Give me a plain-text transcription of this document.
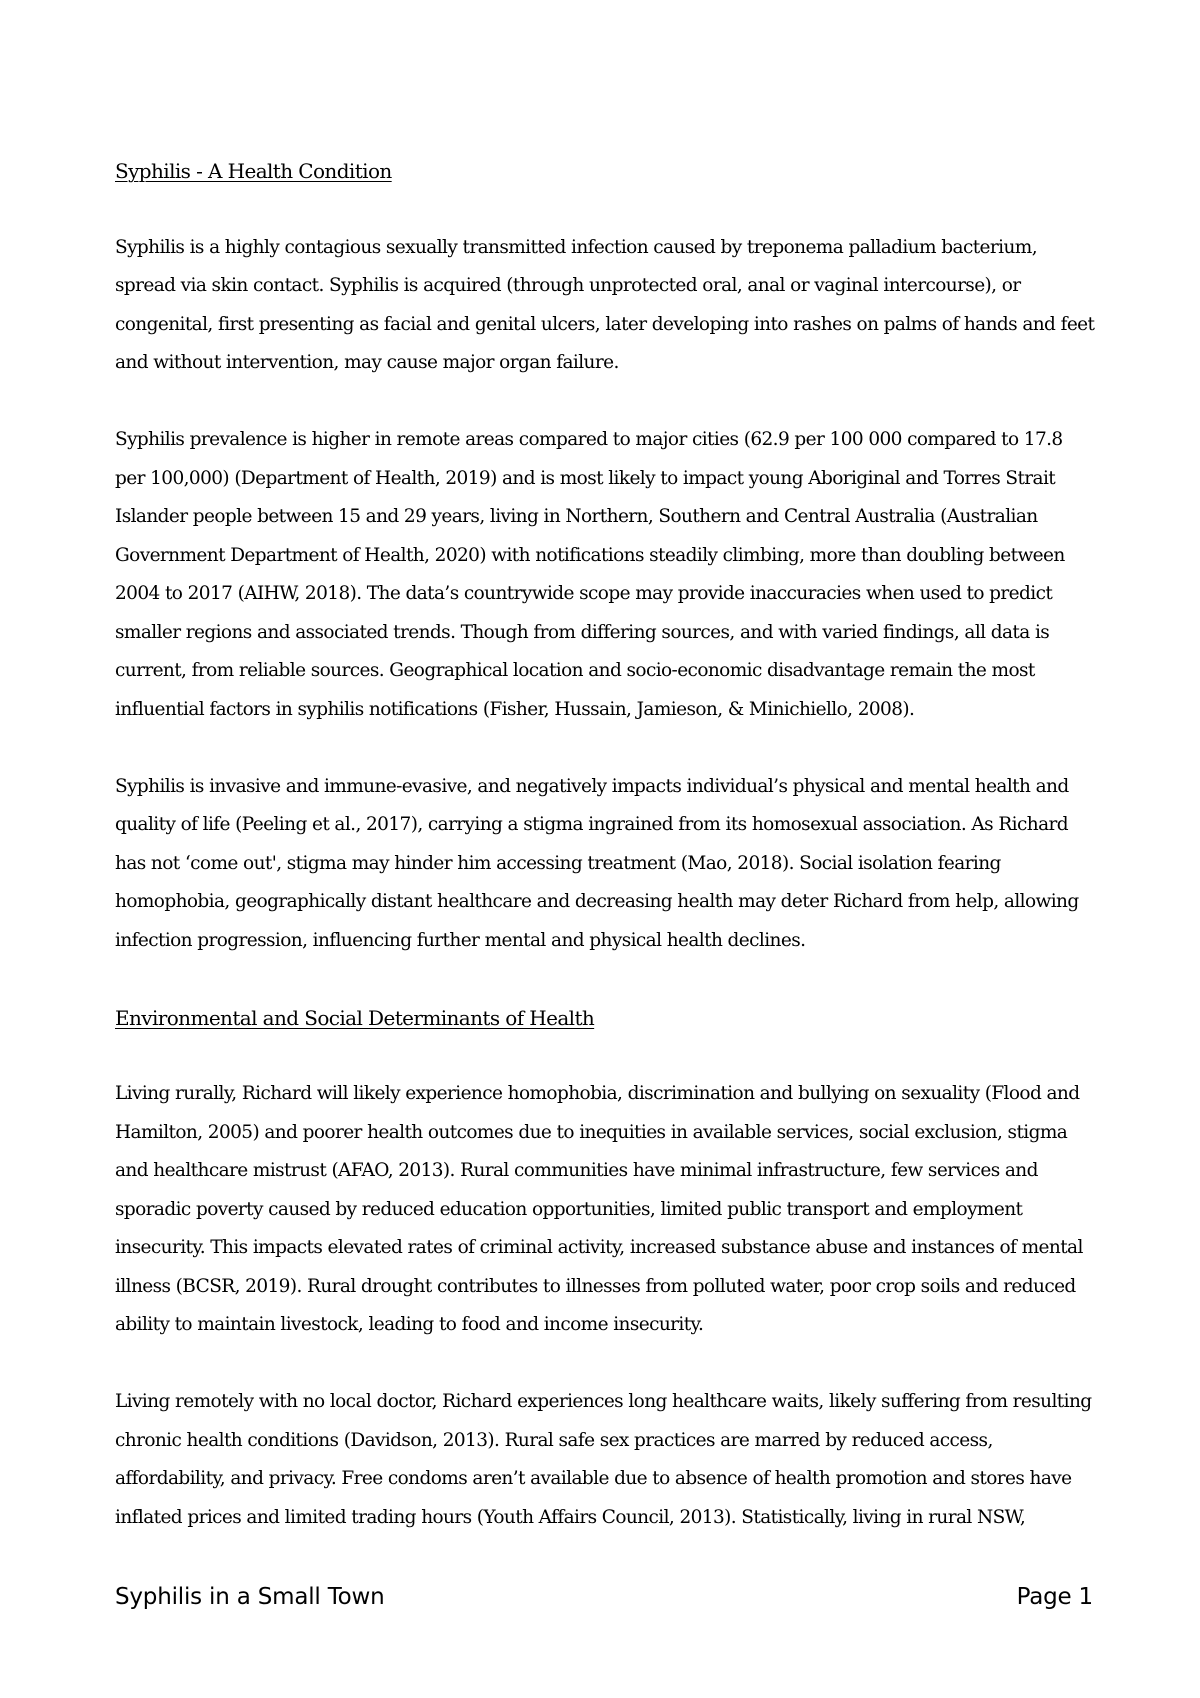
Syphilis - A Health Condition

Syphilis is a highly contagious sexually transmitted infection caused by treponema palladium bacterium, spread via skin contact. Syphilis is acquired (through unprotected oral, anal or vaginal intercourse), or congenital, first presenting as facial and genital ulcers, later developing into rashes on palms of hands and feet and without intervention, may cause major organ failure.

Syphilis prevalence is higher in remote areas compared to major cities (62.9 per 100 000 compared to 17.8 per 100,000) (Department of Health, 2019) and is most likely to impact young Aboriginal and Torres Strait Islander people between 15 and 29 years, living in Northern, Southern and Central Australia (Australian Government Department of Health, 2020) with notifications steadily climbing, more than doubling between 2004 to 2017 (AIHW, 2018). The data’s countrywide scope may provide inaccuracies when used to predict smaller regions and associated trends. Though from differing sources, and with varied findings, all data is current, from reliable sources. Geographical location and socio-economic disadvantage remain the most influential factors in syphilis notifications (Fisher, Hussain, Jamieson, & Minichiello, 2008).

Syphilis is invasive and immune-evasive, and negatively impacts individual’s physical and mental health and quality of life (Peeling et al., 2017), carrying a stigma ingrained from its homosexual association. As Richard has not ‘come out', stigma may hinder him accessing treatment (Mao, 2018). Social isolation fearing homophobia, geographically distant healthcare and decreasing health may deter Richard from help, allowing infection progression, influencing further mental and physical health declines.

Environmental and Social Determinants of Health

Living rurally, Richard will likely experience homophobia, discrimination and bullying on sexuality (Flood and Hamilton, 2005) and poorer health outcomes due to inequities in available services, social exclusion, stigma and healthcare mistrust (AFAO, 2013). Rural communities have minimal infrastructure, few services and sporadic poverty caused by reduced education opportunities, limited public transport and employment insecurity. This impacts elevated rates of criminal activity, increased substance abuse and instances of mental illness (BCSR, 2019). Rural drought contributes to illnesses from polluted water, poor crop soils and reduced ability to maintain livestock, leading to food and income insecurity.

Living remotely with no local doctor, Richard experiences long healthcare waits, likely suffering from resulting chronic health conditions (Davidson, 2013). Rural safe sex practices are marred by reduced access, affordability, and privacy. Free condoms aren’t available due to absence of health promotion and stores have inflated prices and limited trading hours (Youth Affairs Council, 2013). Statistically, living in rural NSW,

Syphilis in a Small Town	Page 1
